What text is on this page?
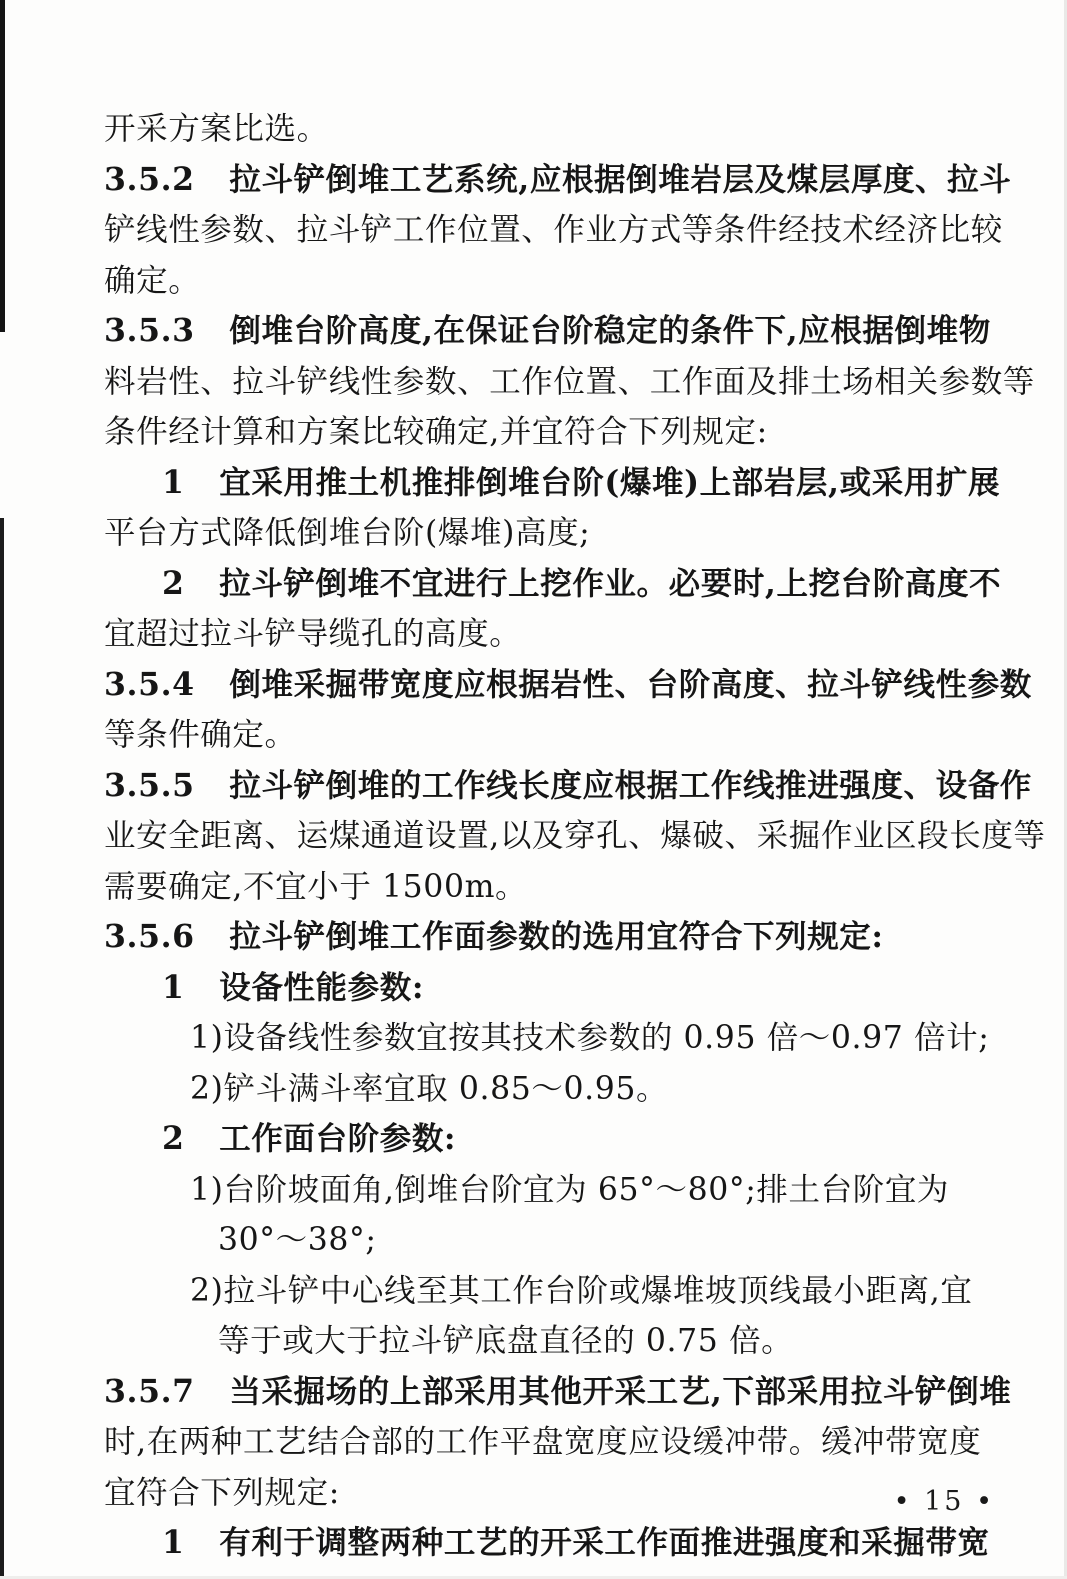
开采方案比选。
3.5.2   拉斗铲倒堆工艺系统,应根据倒堆岩层及煤层厚度、拉斗
铲线性参数、拉斗铲工作位置、作业方式等条件经技术经济比较
确定。
3.5.3   倒堆台阶高度,在保证台阶稳定的条件下,应根据倒堆物
料岩性、拉斗铲线性参数、工作位置、工作面及排土场相关参数等
条件经计算和方案比较确定,并宜符合下列规定:
1   宜采用推土机推排倒堆台阶(爆堆)上部岩层,或采用扩展
平台方式降低倒堆台阶(爆堆)高度;
2   拉斗铲倒堆不宜进行上挖作业。必要时,上挖台阶高度不
宜超过拉斗铲导缆孔的高度。
3.5.4   倒堆采掘带宽度应根据岩性、台阶高度、拉斗铲线性参数
等条件确定。
3.5.5   拉斗铲倒堆的工作线长度应根据工作线推进强度、设备作
业安全距离、运煤通道设置,以及穿孔、爆破、采掘作业区段长度等
需要确定,不宜小于 1500m。
3.5.6   拉斗铲倒堆工作面参数的选用宜符合下列规定:
1   设备性能参数:
1)设备线性参数宜按其技术参数的 0.95 倍～0.97 倍计;
2)铲斗满斗率宜取 0.85～0.95。
2   工作面台阶参数:
1)台阶坡面角,倒堆台阶宜为 65°～80°;排土台阶宜为
30°～38°;
2)拉斗铲中心线至其工作台阶或爆堆坡顶线最小距离,宜
等于或大于拉斗铲底盘直径的 0.75 倍。
3.5.7   当采掘场的上部采用其他开采工艺,下部采用拉斗铲倒堆
时,在两种工艺结合部的工作平盘宽度应设缓冲带。缓冲带宽度
宜符合下列规定:
1   有利于调整两种工艺的开采工作面推进强度和采掘带宽
• 15 •
